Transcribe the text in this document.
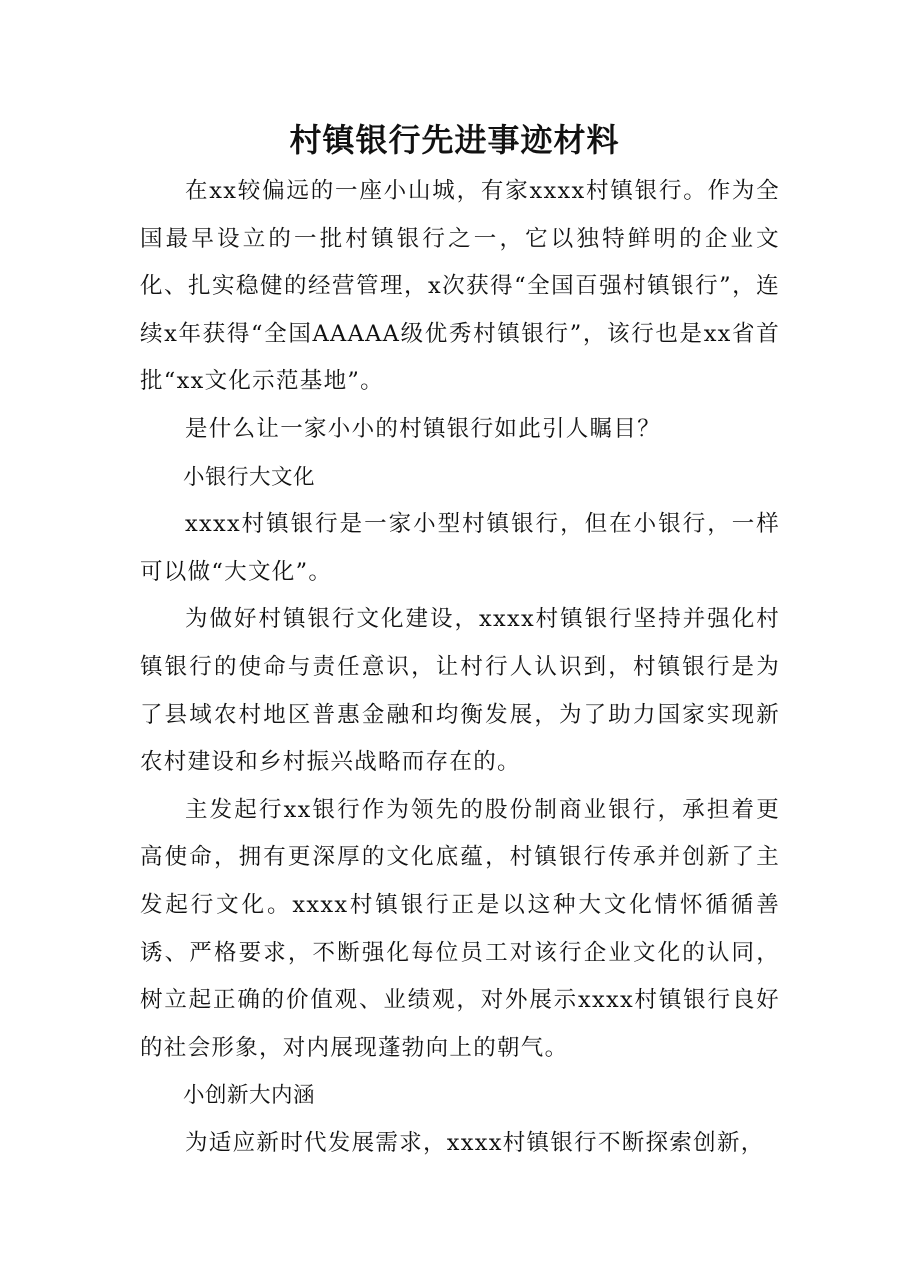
村镇银行先进事迹材料

在xx较偏远的一座小山城，有家xxxx村镇银行。作为全国最早设立的一批村镇银行之一，它以独特鲜明的企业文化、扎实稳健的经营管理，x次获得“全国百强村镇银行”，连续x年获得“全国AAAAA级优秀村镇银行”，该行也是xx省首批“xx文化示范基地”。

是什么让一家小小的村镇银行如此引人瞩目？

小银行大文化

xxxx村镇银行是一家小型村镇银行，但在小银行，一样可以做“大文化”。

为做好村镇银行文化建设，xxxx村镇银行坚持并强化村镇银行的使命与责任意识，让村行人认识到，村镇银行是为了县域农村地区普惠金融和均衡发展，为了助力国家实现新农村建设和乡村振兴战略而存在的。

主发起行xx银行作为领先的股份制商业银行，承担着更高使命，拥有更深厚的文化底蕴，村镇银行传承并创新了主发起行文化。xxxx村镇银行正是以这种大文化情怀循循善诱、严格要求，不断强化每位员工对该行企业文化的认同，树立起正确的价值观、业绩观，对外展示xxxx村镇银行良好的社会形象，对内展现蓬勃向上的朝气。

小创新大内涵

为适应新时代发展需求，xxxx村镇银行不断探索创新，
